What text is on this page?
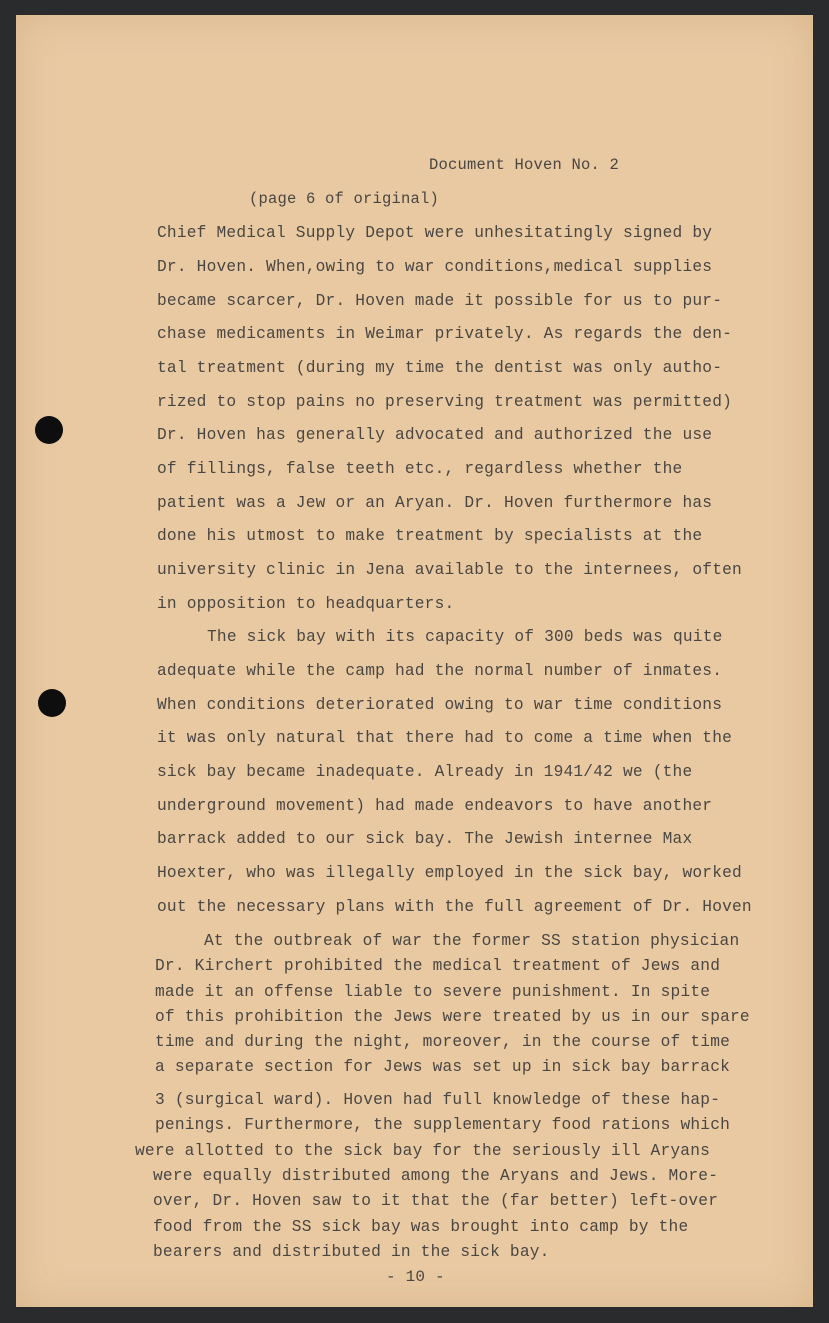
Document Hoven No. 2
(page 6 of original)
Chief Medical Supply Depot were unhesitatingly signed by
Dr. Hoven. When,owing to war conditions,medical supplies
became scarcer, Dr. Hoven made it possible for us to pur-
chase medicaments in Weimar privately. As regards the den-
tal treatment (during my time the dentist was only autho-
rized to stop pains no preserving treatment was permitted)
Dr. Hoven has generally advocated and authorized the use
of fillings, false teeth etc., regardless whether the
patient was a Jew or an Aryan. Dr. Hoven furthermore has
done his utmost to make treatment by specialists at the
university clinic in Jena available to the internees, often
in opposition to headquarters.
The sick bay with its capacity of 300 beds was quite
adequate while the camp had the normal number of inmates.
When conditions deteriorated owing to war time conditions
it was only natural that there had to come a time when the
sick bay became inadequate. Already in 1941/42 we (the
underground movement) had made endeavors to have another
barrack added to our sick bay. The Jewish internee Max
Hoexter, who was illegally employed in the sick bay, worked
out the necessary plans with the full agreement of Dr. Hoven
At the outbreak of war the former SS station physician
Dr. Kirchert prohibited the medical treatment of Jews and
made it an offense liable to severe punishment. In spite
of this prohibition the Jews were treated by us in our spare
time and during the night, moreover, in the course of time
a separate section for Jews was set up in sick bay barrack
3 (surgical ward). Hoven had full knowledge of these hap-
penings. Furthermore, the supplementary food rations which
were allotted to the sick bay for the seriously ill Aryans
were equally distributed among the Aryans and Jews. More-
over, Dr. Hoven saw to it that the (far better) left-over
food from the SS sick bay was brought into camp by the
bearers and distributed in the sick bay.
- 10 -
